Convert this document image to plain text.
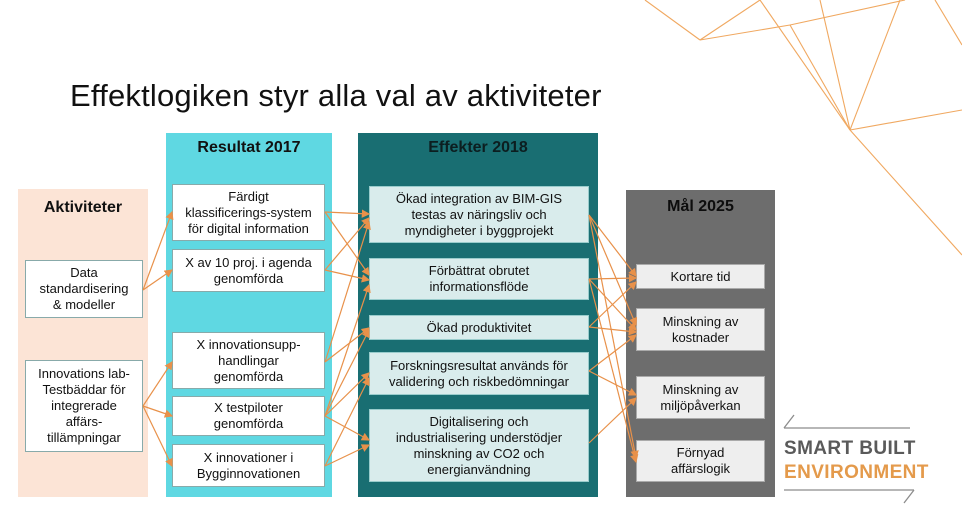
Effektlogiken styr alla val av aktiviteter
Aktiviteter
Data
standardisering
& modeller
Innovations lab-
Testbäddar för
integrerade
affärs-
tillämpningar
Resultat 2017
Färdigt
klassificerings-system
för digital information
X av 10 proj. i agenda
genomförda
X innovationsupp-
handlingar
genomförda
X testpiloter
genomförda
X innovationer i
Bygginnovationen
Effekter 2018
Ökad integration av BIM-GIS
testas av näringsliv och
myndigheter i byggprojekt
Förbättrat obrutet
informationsflöde
Ökad produktivitet
Forskningsresultat används för
validering och riskbedömningar
Digitalisering och
industrialisering understödjer
minskning av CO2 och
energianvändning
Mål 2025
Kortare tid
Minskning av
kostnader
Minskning av
miljöpåverkan
Förnyad
affärslogik
SMART BUILT
ENVIRONMENT
